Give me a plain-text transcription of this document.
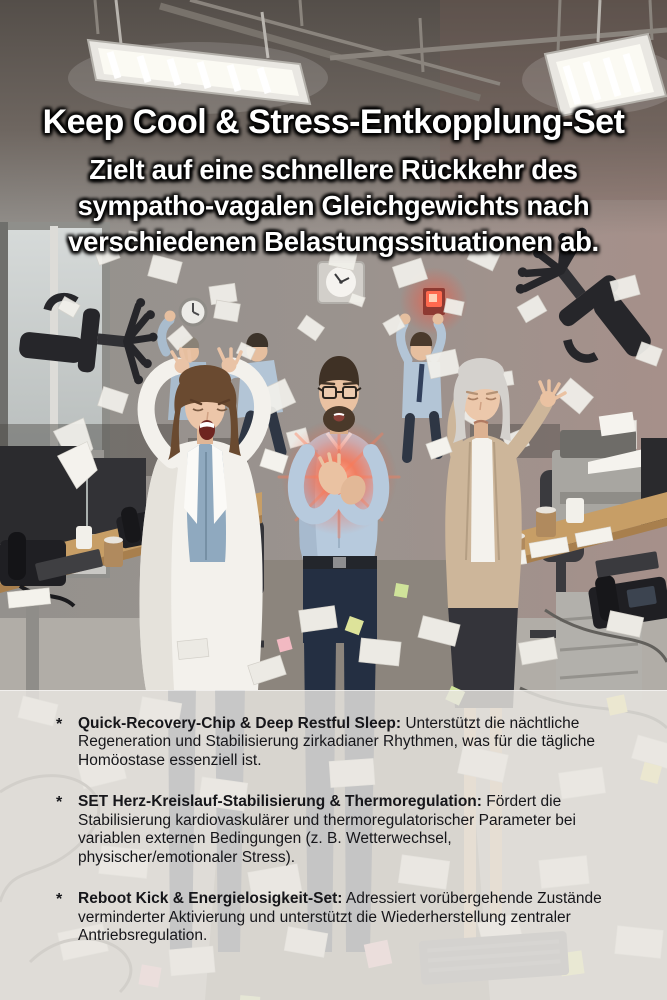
Keep Cool & Stress-Entkopplung-Set

Zielt auf eine schnellere Rückkehr des
sympatho-vagalen Gleichgewichts nach
verschiedenen Belastungssituationen ab.

* Quick-Recovery-Chip & Deep Restful Sleep: Unterstützt die nächtliche Regeneration und Stabilisierung zirkadianer Rhythmen, was für die tägliche Homöostase essenziell ist.
* SET Herz-Kreislauf-Stabilisierung & Thermoregulation: Fördert die Stabilisierung kardiovaskulärer und thermoregulatorischer Parameter bei variablen externen Bedingungen (z. B. Wetterwechsel, physischer/emotionaler Stress).
* Reboot Kick & Energielosigkeit-Set: Adressiert vorübergehende Zustände verminderter Aktivierung und unterstützt die Wiederherstellung zentraler Antriebsregulation.
